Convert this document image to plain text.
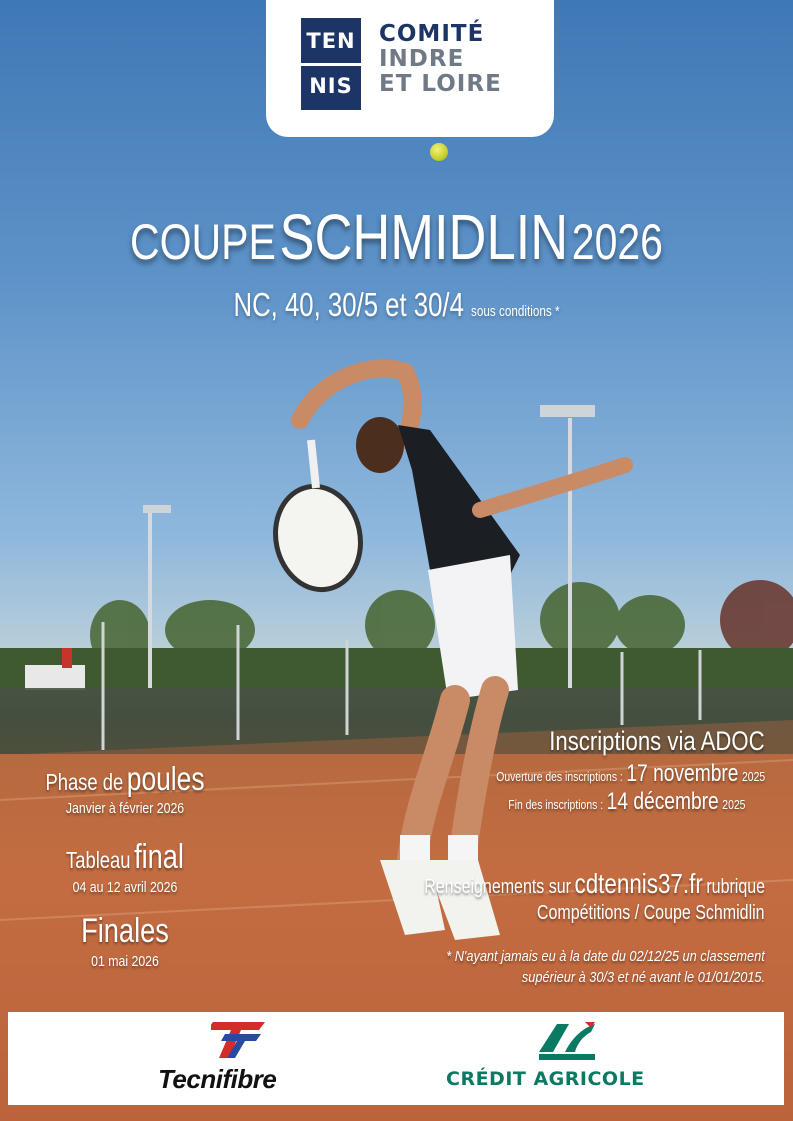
TEN
NIS
COMITÉ
INDRE
ET LOIRE
COUPE SCHMIDLIN 2026
NC, 40, 30/5 et 30/4 sous conditions *
Phase de poules
Janvier à février 2026
Tableau final
04 au 12 avril 2026
Finales
01 mai 2026
Inscriptions via ADOC
Ouverture des inscriptions : 17 novembre 2025
Fin des inscriptions : 14 décembre 2025
Renseignements sur cdtennis37.fr rubrique
Compétitions / Coupe Schmidlin
* N'ayant jamais eu à la date du 02/12/25 un classement
supérieur à 30/3 et né avant le 01/01/2015.
Tecnifibre	CRÉDIT AGRICOLE
